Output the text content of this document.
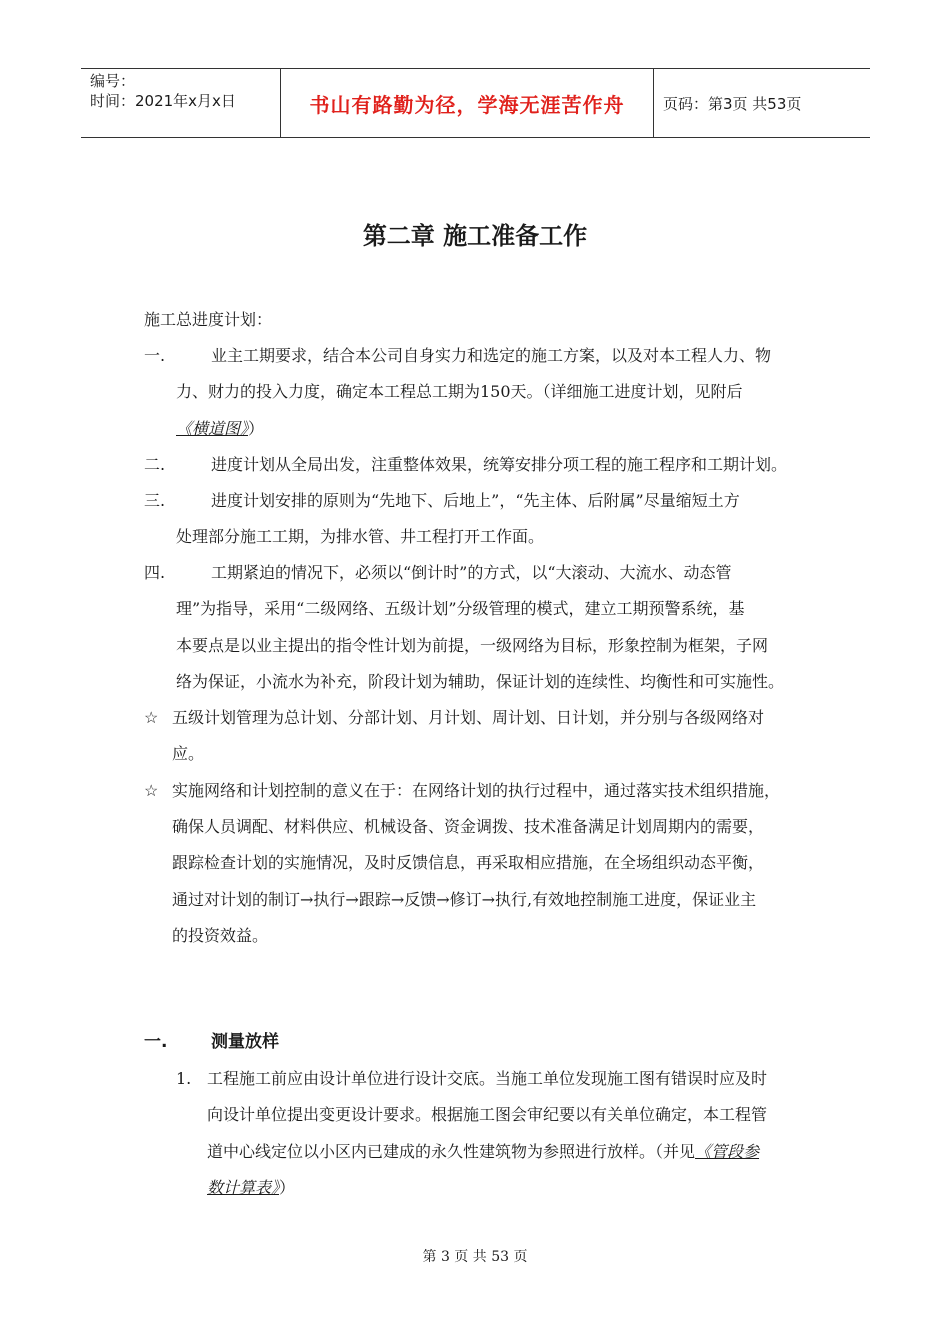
编号：
时间：2021年x月x日	书山有路勤为径，学海无涯苦作舟	页码：第3页 共53页
第二章 施工准备工作
施工总进度计划：
一.	业主工期要求，结合本公司自身实力和选定的施工方案，以及对本工程人力、物
力、财力的投入力度，确定本工程总工期为150天。（详细施工进度计划，见附后
《横道图》）
二.	进度计划从全局出发，注重整体效果，统筹安排分项工程的施工程序和工期计划。
三.	进度计划安排的原则为“先地下、后地上”，“先主体、后附属”尽量缩短土方
处理部分施工工期，为排水管、井工程打开工作面。
四.	工期紧迫的情况下，必须以“倒计时”的方式，以“大滚动、大流水、动态管
理”为指导，采用“二级网络、五级计划”分级管理的模式，建立工期预警系统，基
本要点是以业主提出的指令性计划为前提，一级网络为目标，形象控制为框架，子网
络为保证，小流水为补充，阶段计划为辅助，保证计划的连续性、均衡性和可实施性。
☆ 五级计划管理为总计划、分部计划、月计划、周计划、日计划，并分别与各级网络对
应。
☆ 实施网络和计划控制的意义在于：在网络计划的执行过程中，通过落实技术组织措施，
确保人员调配、材料供应、机械设备、资金调拨、技术准备满足计划周期内的需要，
跟踪检查计划的实施情况，及时反馈信息，再采取相应措施，在全场组织动态平衡，
通过对计划的制订→执行→跟踪→反馈→修订→执行,有效地控制施工进度，保证业主
的投资效益。
一.	测量放样
1. 工程施工前应由设计单位进行设计交底。当施工单位发现施工图有错误时应及时
向设计单位提出变更设计要求。根据施工图会审纪要以有关单位确定，本工程管
道中心线定位以小区内已建成的永久性建筑物为参照进行放样。（并见《管段参
数计算表》）
第 3 页 共 53 页
